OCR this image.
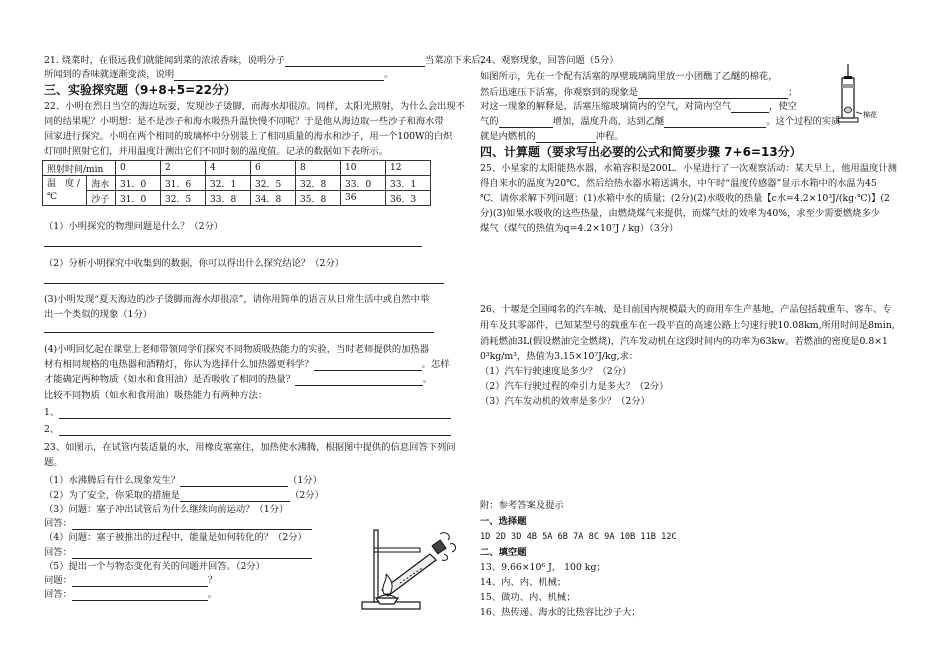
21. 烧菜时，在很远我们就能闻到菜的浓浓香味，说明分子	当菜凉下来后，
所闻到的香味就逐渐变淡，说明	。
三、实验探究题（9+8+5=22分）
22、小明在烈日当空的海边玩耍，发现沙子烫脚，而海水却很凉。同样，太阳光照射，为什么会出现不
同的结果呢？小明想：是不是沙子和海水吸热升温快慢不同呢？于是他从海边取一些沙子和海水带
回家进行探究。小明在两个相同的玻璃杯中分别装上了相同质量的海水和沙子，用一个100W的白炽
灯同时照射它们，并用温度计测出它们不同时刻的温度值。记录的数据如下表所示。
照射时间/min		0	2	4	6	8	10	12
温　度 /
℃	海水	31．0	31．6	32．1	32．5	32．8	33．0	33．1
	沙子	31．0	32．5	33．8	34．8	35．8	36	36．3
（1）小明探究的物理问题是什么？（2分）
（2）分析小明探究中收集到的数据，你可以得出什么探究结论？（2分）
(3)小明发现“夏天海边的沙子烫脚而海水却很凉”，请你用简单的语言从日常生活中或自然中举
出一个类似的现象（1分）
(4)小明回忆起在课堂上老师带领同学们探究不同物质吸热能力的实验，当时老师提供的加热器
材有相同规格的电热器和酒精灯，你认为选择什么加热器更科学？	。怎样
才能确定两种物质（如水和食用油）是否吸收了相同的热量？	。
比较不同物质（如水和食用油）吸热能力有两种方法：
1、
2、
23、如图示，在试管内装适量的水，用橡皮塞塞住，加热使水沸腾，根据图中提供的信息回答下列问
题。
（1）水沸腾后有什么现象发生？	（1分）
（2）为了安全，你采取的措施是	（2分）
（3）问题：塞子冲出试管后为什么继续向前运动？（1分）
回答：
（4）问题：塞子被推出的过程中，能量是如何转化的？（2分）
回答：
（5）提出一个与物态变化有关的问题并回答。（2分）
问题：	？
回答：	。
24、观察现象，回答问题（5分）
如图所示，先在一个配有活塞的厚壁玻璃筒里放一小团醮了乙醚的棉花，
然后迅速压下活塞，你观察到的现象是	；
对这一现象的解释是，活塞压缩玻璃筒内的空气，对筒内空气	，使空
气的	增加，温度升高，达到乙醚	。这个过程的实质
就是内燃机的	冲程。
棉花
四、计算题（要求写出必要的公式和简要步骤 7+6=13分）
25、小星家的太阳能热水器，水箱容积是200L．小星进行了一次观察活动：某天早上，他用温度计测
得自来水的温度为20℃，然后给热水器水箱送满水，中午时“温度传感器”显示水箱中的水温为45
℃．请你求解下列问题：(1)水箱中水的质量；(2分)(2)水吸收的热量【c水=4.2×10³J/(kg·℃)】(2
分)(3)如果水吸收的这些热量，由燃烧煤气来提供，而煤气灶的效率为40%，求至少需要燃烧多少
煤气（煤气的热值为q=4.2×10⁷J / kg）（3分）
26、十堰是全国闻名的汽车城，是目前国内规模最大的商用车生产基地，产品包括载重车、客车、专
用车及其零部件，已知某型号的载重车在一段平直的高速公路上匀速行驶10.08km,所用时间是8min,
消耗燃油3L(假设燃油完全燃烧)，汽车发动机在这段时间内的功率为63kw。若燃油的密度是0.8×1
0³kg/m³，热值为3.15×10⁷J/kg,求：
（1）汽车行驶速度是多少？（2分）
（2）汽车行驶过程的牵引力是多大？（2分）
（3）汽车发动机的效率是多少？（2分）
附：参考答案及提示
一、选择题
1D 2D 3D 4B 5A 6B 7A 8C 9A 10B 11B 12C
二、填空题
13、9.66×10⁶ J， 100 kg；
14、内、内、机械；
15、做功、内、机械；
16、热传递、海水的比热容比沙子大；
